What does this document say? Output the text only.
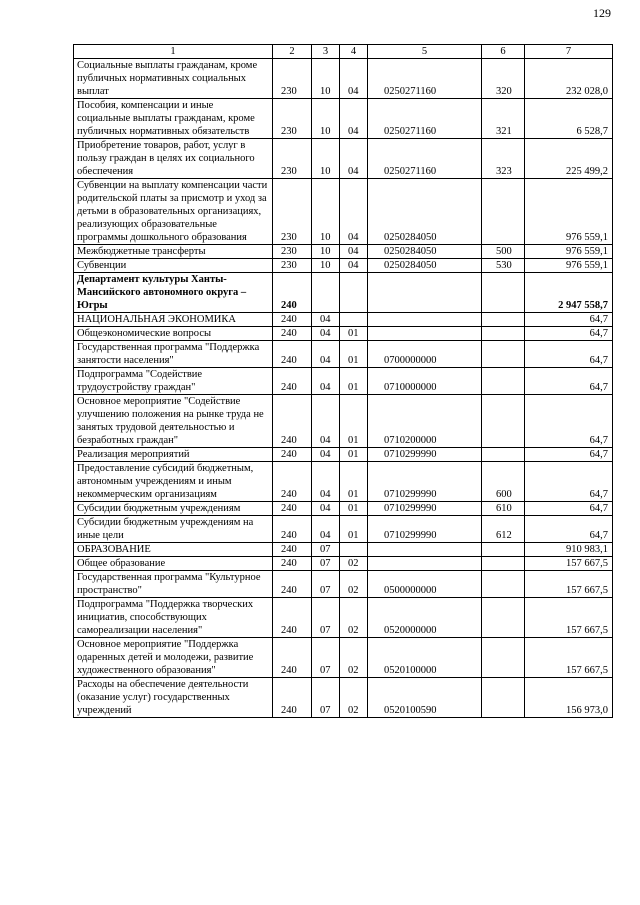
129
1	2	3	4	5	6	7
Социальные выплаты гражданам, кроме публичных нормативных социальных выплат	230	10	04	0250271160	320	232 028,0
Пособия, компенсации и иные социальные выплаты гражданам, кроме публичных нормативных обязательств	230	10	04	0250271160	321	6 528,7
Приобретение товаров, работ, услуг в пользу граждан в целях их социального обеспечения	230	10	04	0250271160	323	225 499,2
Субвенции на выплату компенсации части родительской платы за присмотр и уход за детьми в образовательных организациях, реализующих образовательные программы дошкольного образования	230	10	04	0250284050		976 559,1
Межбюджетные трансферты	230	10	04	0250284050	500	976 559,1
Субвенции	230	10	04	0250284050	530	976 559,1
Департамент культуры Ханты-Мансийского автономного округа – Югры	240					2 947 558,7
НАЦИОНАЛЬНАЯ ЭКОНОМИКА	240	04				64,7
Общеэкономические вопросы	240	04	01			64,7
Государственная программа "Поддержка занятости населения"	240	04	01	0700000000		64,7
Подпрограмма "Содействие трудоустройству граждан"	240	04	01	0710000000		64,7
Основное мероприятие "Содействие улучшению положения на рынке труда не занятых трудовой деятельностью и безработных граждан"	240	04	01	0710200000		64,7
Реализация мероприятий	240	04	01	0710299990		64,7
Предоставление субсидий бюджетным, автономным учреждениям и иным некоммерческим организациям	240	04	01	0710299990	600	64,7
Субсидии бюджетным учреждениям	240	04	01	0710299990	610	64,7
Субсидии бюджетным учреждениям на иные цели	240	04	01	0710299990	612	64,7
ОБРАЗОВАНИЕ	240	07				910 983,1
Общее образование	240	07	02			157 667,5
Государственная программа "Культурное пространство"	240	07	02	0500000000		157 667,5
Подпрограмма "Поддержка творческих инициатив, способствующих самореализации населения"	240	07	02	0520000000		157 667,5
Основное мероприятие "Поддержка одаренных детей и молодежи, развитие художественного образования"	240	07	02	0520100000		157 667,5
Расходы на обеспечение деятельности (оказание услуг) государственных учреждений	240	07	02	0520100590		156 973,0
